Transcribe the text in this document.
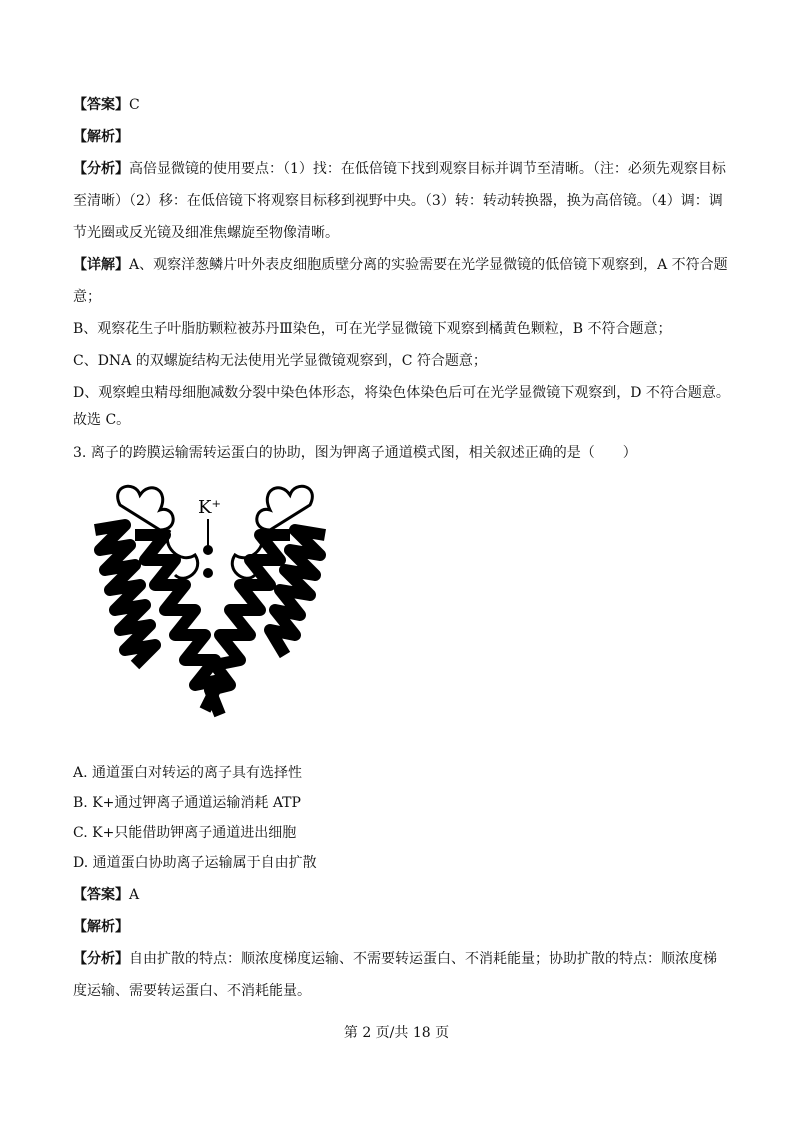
【答案】C
【解析】
【分析】高倍显微镜的使用要点：（1）找：在低倍镜下找到观察目标并调节至清晰。（注：必须先观察目标
至清晰）（2）移：在低倍镜下将观察目标移到视野中央。（3）转：转动转换器，换为高倍镜。（4）调：调
节光圈或反光镜及细准焦螺旋至物像清晰。
【详解】A、观察洋葱鳞片叶外表皮细胞质壁分离的实验需要在光学显微镜的低倍镜下观察到，A 不符合题
意；
B、观察花生子叶脂肪颗粒被苏丹Ⅲ染色，可在光学显微镜下观察到橘黄色颗粒，B 不符合题意；
C、DNA 的双螺旋结构无法使用光学显微镜观察到，C 符合题意；
D、观察蝗虫精母细胞减数分裂中染色体形态，将染色体染色后可在光学显微镜下观察到，D 不符合题意。
故选 C。
3. 离子的跨膜运输需转运蛋白的协助，图为钾离子通道模式图，相关叙述正确的是（　　）
K⁺
A. 通道蛋白对转运的离子具有选择性
B. K+通过钾离子通道运输消耗 ATP
C. K+只能借助钾离子通道进出细胞
D. 通道蛋白协助离子运输属于自由扩散
【答案】A
【解析】
【分析】自由扩散的特点：顺浓度梯度运输、不需要转运蛋白、不消耗能量；协助扩散的特点：顺浓度梯
度运输、需要转运蛋白、不消耗能量。
第 2 页/共 18 页
